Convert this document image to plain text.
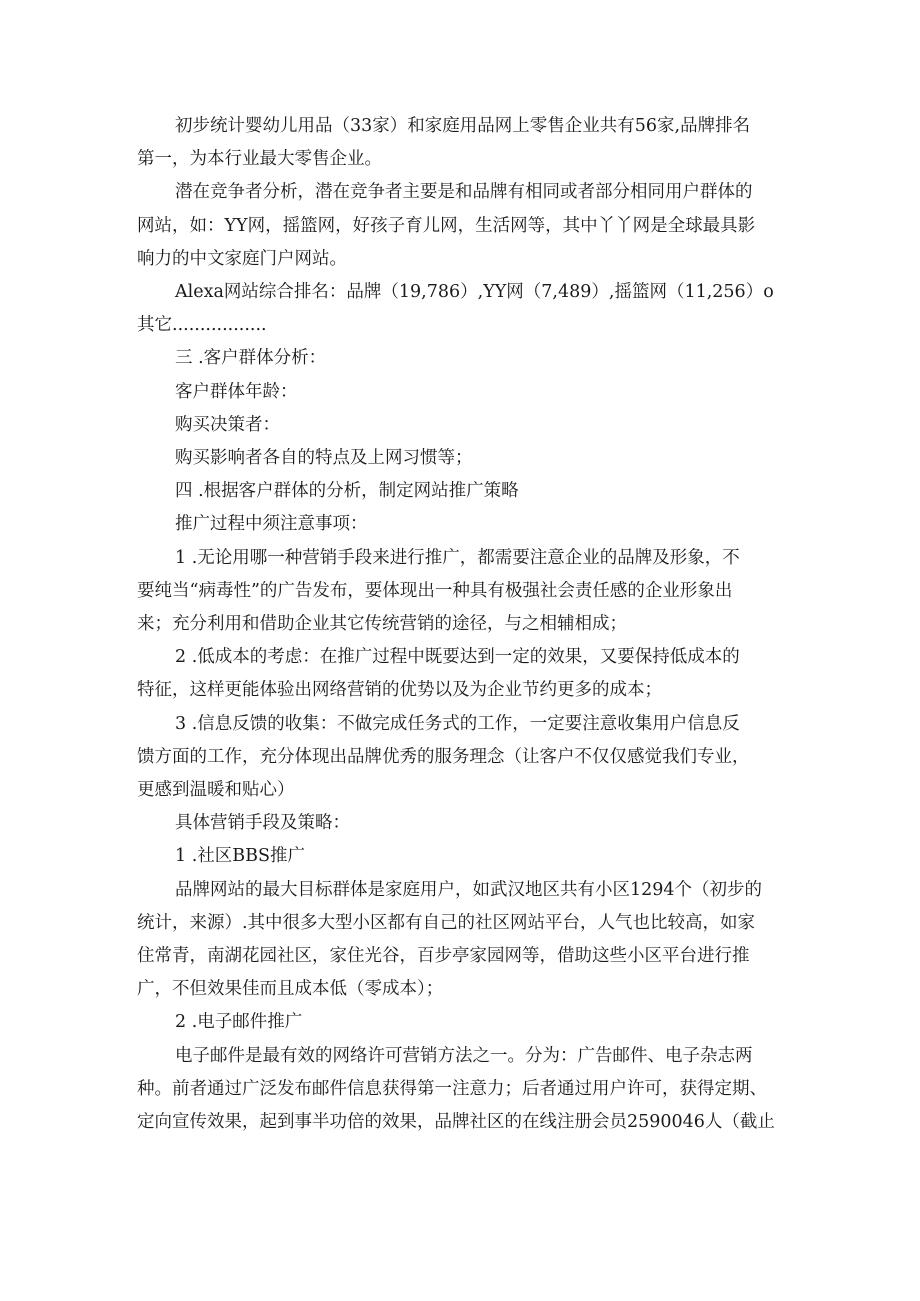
初步统计婴幼儿用品（33家）和家庭用品网上零售企业共有56家,品牌排名
第一，为本行业最大零售企业。
潜在竞争者分析，潜在竞争者主要是和品牌有相同或者部分相同用户群体的
网站，如：YY网，摇篮网，好孩子育儿网，生活网等，其中丫丫网是全球最具影
响力的中文家庭门户网站。
Alexa网站综合排名：品牌（19,786）,YY网（7,489）,摇篮网（11,256）o
其它.................
三 .客户群体分析：
客户群体年龄：
购买决策者：
购买影响者各自的特点及上网习惯等；
四 .根据客户群体的分析，制定网站推广策略
推广过程中须注意事项：
1 .无论用哪一种营销手段来进行推广，都需要注意企业的品牌及形象，不
要纯当“病毒性”的广告发布，要体现出一种具有极强社会责任感的企业形象出
来；充分利用和借助企业其它传统营销的途径，与之相辅相成；
2 .低成本的考虑：在推广过程中既要达到一定的效果，又要保持低成本的
特征，这样更能体验出网络营销的优势以及为企业节约更多的成本；
3 .信息反馈的收集：不做完成任务式的工作，一定要注意收集用户信息反
馈方面的工作，充分体现出品牌优秀的服务理念（让客户不仅仅感觉我们专业，
更感到温暖和贴心）
具体营销手段及策略：
1 .社区BBS推广
品牌网站的最大目标群体是家庭用户，如武汉地区共有小区1294个（初步的
统计，来源）.其中很多大型小区都有自己的社区网站平台，人气也比较高，如家
住常青，南湖花园社区，家住光谷，百步亭家园网等，借助这些小区平台进行推
广，不但效果佳而且成本低（零成本）；
2 .电子邮件推广
电子邮件是最有效的网络许可营销方法之一。分为：广告邮件、电子杂志两
种。前者通过广泛发布邮件信息获得第一注意力；后者通过用户许可，获得定期、
定向宣传效果，起到事半功倍的效果，品牌社区的在线注册会员2590046人（截止
